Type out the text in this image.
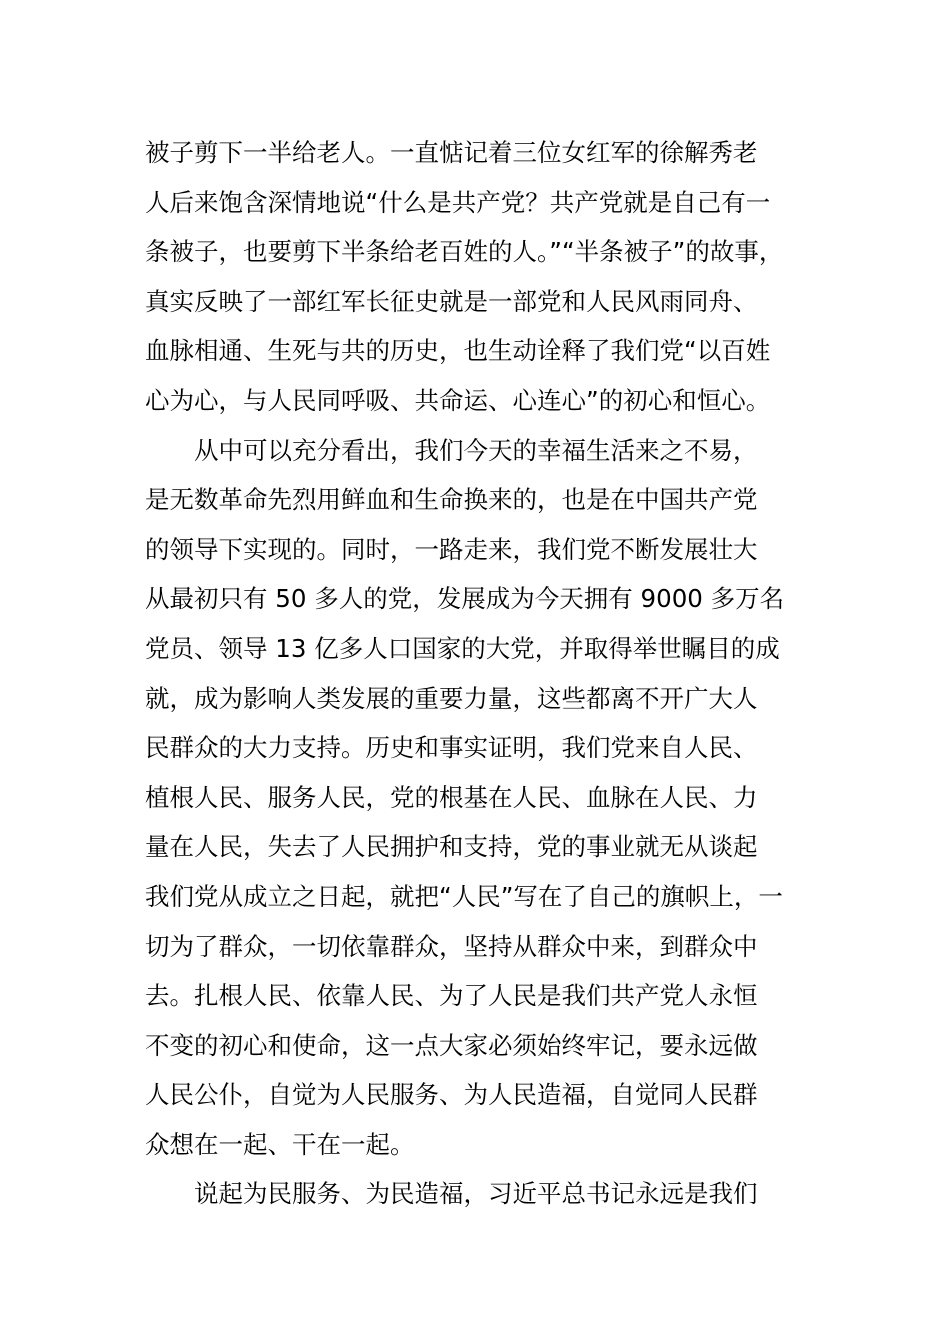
被子剪下一半给老人。一直惦记着三位女红军的徐解秀老
人后来饱含深情地说“什么是共产党？共产党就是自己有一
条被子，也要剪下半条给老百姓的人。”“半条被子”的故事，
真实反映了一部红军长征史就是一部党和人民风雨同舟、
血脉相通、生死与共的历史，也生动诠释了我们党“以百姓
心为心，与人民同呼吸、共命运、心连心”的初心和恒心。
从中可以充分看出，我们今天的幸福生活来之不易，
是无数革命先烈用鲜血和生命换来的，也是在中国共产党
的领导下实现的。同时，一路走来，我们党不断发展壮大
从最初只有 50 多人的党，发展成为今天拥有 9000 多万名
党员、领导 13 亿多人口国家的大党，并取得举世瞩目的成
就，成为影响人类发展的重要力量，这些都离不开广大人
民群众的大力支持。历史和事实证明，我们党来自人民、
植根人民、服务人民，党的根基在人民、血脉在人民、力
量在人民，失去了人民拥护和支持，党的事业就无从谈起
我们党从成立之日起，就把“人民”写在了自己的旗帜上，一
切为了群众，一切依靠群众，坚持从群众中来，到群众中
去。扎根人民、依靠人民、为了人民是我们共产党人永恒
不变的初心和使命，这一点大家必须始终牢记，要永远做
人民公仆，自觉为人民服务、为人民造福，自觉同人民群
众想在一起、干在一起。
说起为民服务、为民造福，习近平总书记永远是我们
